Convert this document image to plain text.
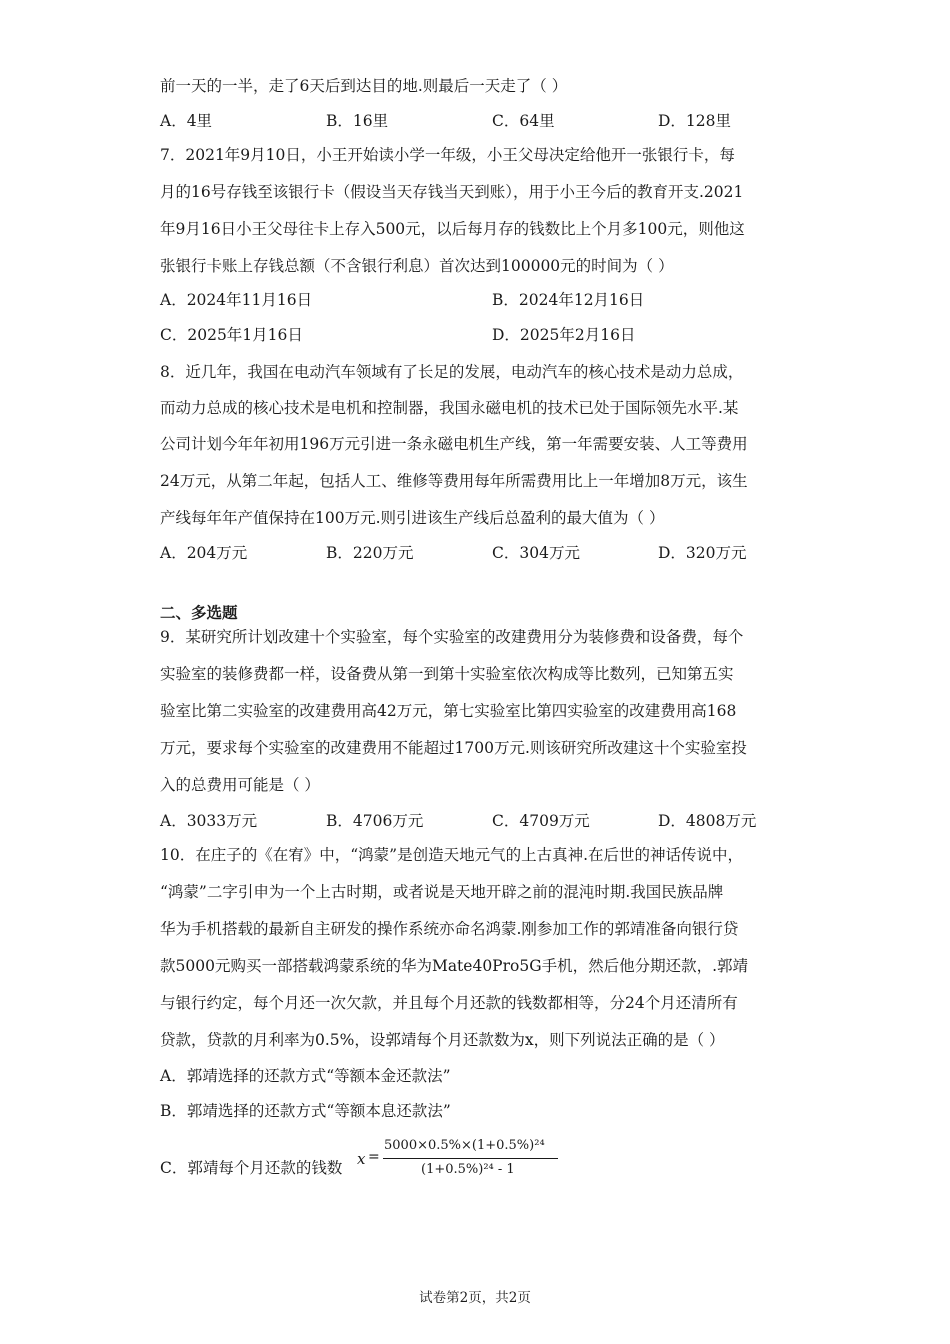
前一天的一半，走了6天后到达目的地.则最后一天走了（ ）
A．4里	B．16里	C．64里	D．128里
7．2021年9月10日，小王开始读小学一年级，小王父母决定给他开一张银行卡，每
月的16号存钱至该银行卡（假设当天存钱当天到账），用于小王今后的教育开支.2021
年9月16日小王父母往卡上存入500元，以后每月存的钱数比上个月多100元，则他这
张银行卡账上存钱总额（不含银行利息）首次达到100000元的时间为（ ）
A．2024年11月16日	B．2024年12月16日
C．2025年1月16日	D．2025年2月16日
8．近几年，我国在电动汽车领域有了长足的发展，电动汽车的核心技术是动力总成，
而动力总成的核心技术是电机和控制器，我国永磁电机的技术已处于国际领先水平.某
公司计划今年年初用196万元引进一条永磁电机生产线，第一年需要安装、人工等费用
24万元，从第二年起，包括人工、维修等费用每年所需费用比上一年增加8万元，该生
产线每年年产值保持在100万元.则引进该生产线后总盈利的最大值为（ ）
A．204万元	B．220万元	C．304万元	D．320万元
二、多选题
9．某研究所计划改建十个实验室，每个实验室的改建费用分为装修费和设备费，每个
实验室的装修费都一样，设备费从第一到第十实验室依次构成等比数列，已知第五实
验室比第二实验室的改建费用高42万元，第七实验室比第四实验室的改建费用高168
万元，要求每个实验室的改建费用不能超过1700万元.则该研究所改建这十个实验室投
入的总费用可能是（ ）
A．3033万元	B．4706万元	C．4709万元	D．4808万元
10．在庄子的《在宥》中，“鸿蒙”是创造天地元气的上古真神.在后世的神话传说中，
“鸿蒙”二字引申为一个上古时期，或者说是天地开辟之前的混沌时期.我国民族品牌
华为手机搭载的最新自主研发的操作系统亦命名鸿蒙.刚参加工作的郭靖准备向银行贷
款5000元购买一部搭载鸿蒙系统的华为Mate40Pro5G手机，然后他分期还款，.郭靖
与银行约定，每个月还一次欠款，并且每个月还款的钱数都相等，分24个月还清所有
贷款，贷款的月利率为0.5%，设郭靖每个月还款数为x，则下列说法正确的是（ ）
A．郭靖选择的还款方式“等额本金还款法”
B．郭靖选择的还款方式“等额本息还款法”
C．郭靖每个月还款的钱数 x =
5000×0.5%×(1+0.5%)²⁴
(1+0.5%)²⁴ - 1
试卷第2页，共2页
